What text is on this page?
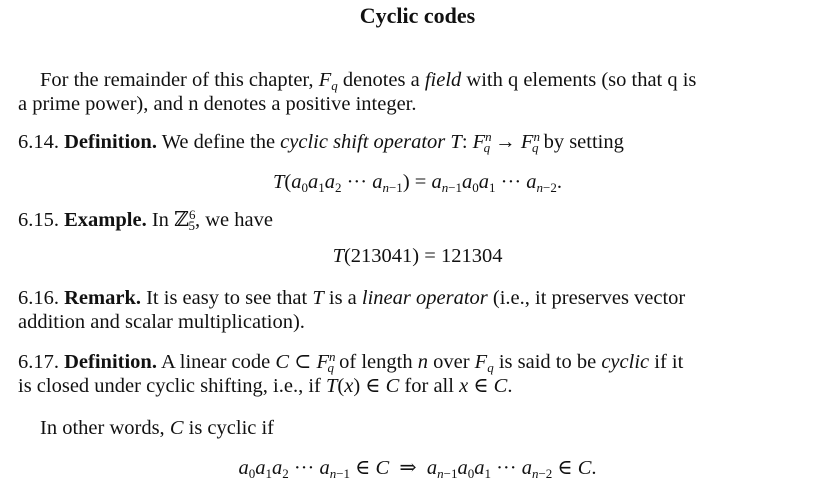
Cyclic codes
For the remainder of this chapter, $F_q$ denotes a field with q elements (so that q is
a prime power), and n denotes a positive integer.
6.14. Definition. We define the cyclic shift operator T: $F^n_q \to F^n_q$ by setting
$T(a_0a_1a_2$ ··· $a_{n-1}) = a_{n-1}a_0a_1$ ··· $a_{n-2}$.
6.15. Example. In ℤ$^6_5$, we have
T(213041) = 121304
6.16. Remark. It is easy to see that T is a linear operator (i.e., it preserves vector
addition and scalar multiplication).
6.17. Definition. A linear code C ⊂ $F^n_q$ of length n over $F_q$ is said to be cyclic if it
is closed under cyclic shifting, i.e., if T(x) ∈ C for all x ∈ C.
In other words, C is cyclic if
$a_0a_1a_2$ ··· $a_{n-1}$ ∈ C  ⇒  $a_{n-1}a_0a_1$ ··· $a_{n-2}$ ∈ C.
